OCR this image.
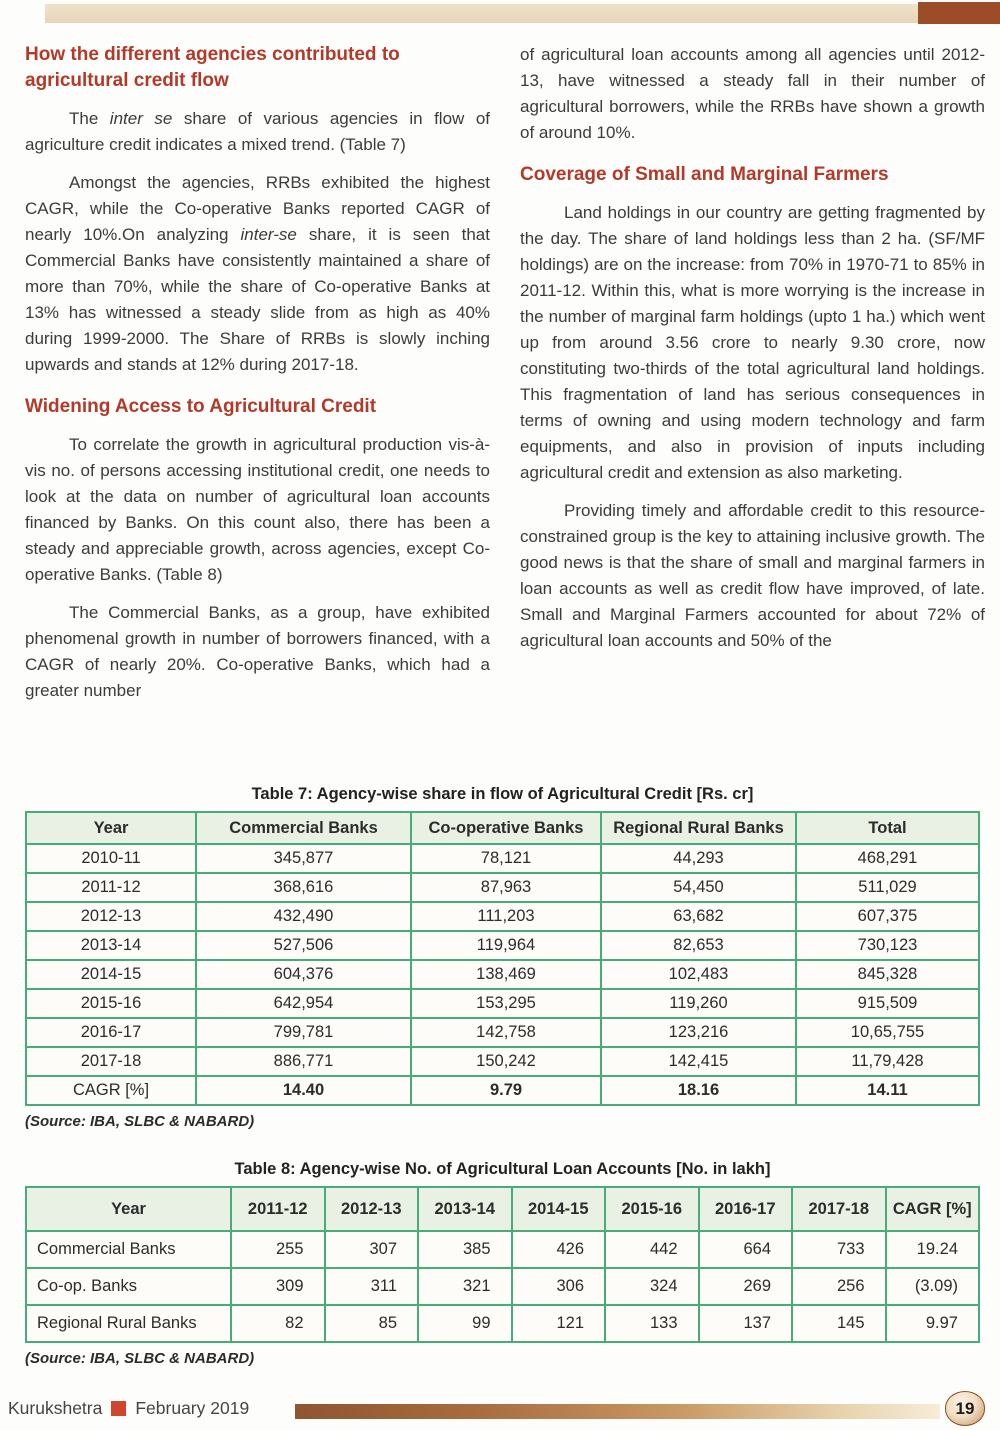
How the different agencies contributed to agricultural credit flow

The inter se share of various agencies in flow of agriculture credit indicates a mixed trend. (Table 7)

Amongst the agencies, RRBs exhibited the highest CAGR, while the Co-operative Banks reported CAGR of nearly 10%.On analyzing inter-se share, it is seen that Commercial Banks have consistently maintained a share of more than 70%, while the share of Co-operative Banks at 13% has witnessed a steady slide from as high as 40% during 1999-2000. The Share of RRBs is slowly inching upwards and stands at 12% during 2017-18.

Widening Access to Agricultural Credit

To correlate the growth in agricultural production vis-à-vis no. of persons accessing institutional credit, one needs to look at the data on number of agricultural loan accounts financed by Banks. On this count also, there has been a steady and appreciable growth, across agencies, except Co-operative Banks. (Table 8)

The Commercial Banks, as a group, have exhibited phenomenal growth in number of borrowers financed, with a CAGR of nearly 20%. Co-operative Banks, which had a greater number

of agricultural loan accounts among all agencies until 2012-13, have witnessed a steady fall in their number of agricultural borrowers, while the RRBs have shown a growth of around 10%.

Coverage of Small and Marginal Farmers

Land holdings in our country are getting fragmented by the day. The share of land holdings less than 2 ha. (SF/MF holdings) are on the increase: from 70% in 1970-71 to 85% in 2011-12. Within this, what is more worrying is the increase in the number of marginal farm holdings (upto 1 ha.) which went up from around 3.56 crore to nearly 9.30 crore, now constituting two-thirds of the total agricultural land holdings. This fragmentation of land has serious consequences in terms of owning and using modern technology and farm equipments, and also in provision of inputs including agricultural credit and extension as also marketing.

Providing timely and affordable credit to this resource-constrained group is the key to attaining inclusive growth. The good news is that the share of small and marginal farmers in loan accounts as well as credit flow have improved, of late. Small and Marginal Farmers accounted for about 72% of agricultural loan accounts and 50% of the

Table 7: Agency-wise share in flow of Agricultural Credit [Rs. cr]
Year	Commercial Banks	Co-operative Banks	Regional Rural Banks	Total
2010-11	345,877	78,121	44,293	468,291
2011-12	368,616	87,963	54,450	511,029
2012-13	432,490	111,203	63,682	607,375
2013-14	527,506	119,964	82,653	730,123
2014-15	604,376	138,469	102,483	845,328
2015-16	642,954	153,295	119,260	915,509
2016-17	799,781	142,758	123,216	10,65,755
2017-18	886,771	150,242	142,415	11,79,428
CAGR [%]	14.40	9.79	18.16	14.11
(Source: IBA, SLBC & NABARD)
Table 8: Agency-wise No. of Agricultural Loan Accounts [No. in lakh]
Year	2011-12	2012-13	2013-14	2014-15	2015-16	2016-17	2017-18	CAGR [%]
Commercial Banks	255	307	385	426	442	664	733	19.24
Co-op. Banks	309	311	321	306	324	269	256	(3.09)
Regional Rural Banks	82	85	99	121	133	137	145	9.97
(Source: IBA, SLBC & NABARD)
Kurukshetra February 2019	19
